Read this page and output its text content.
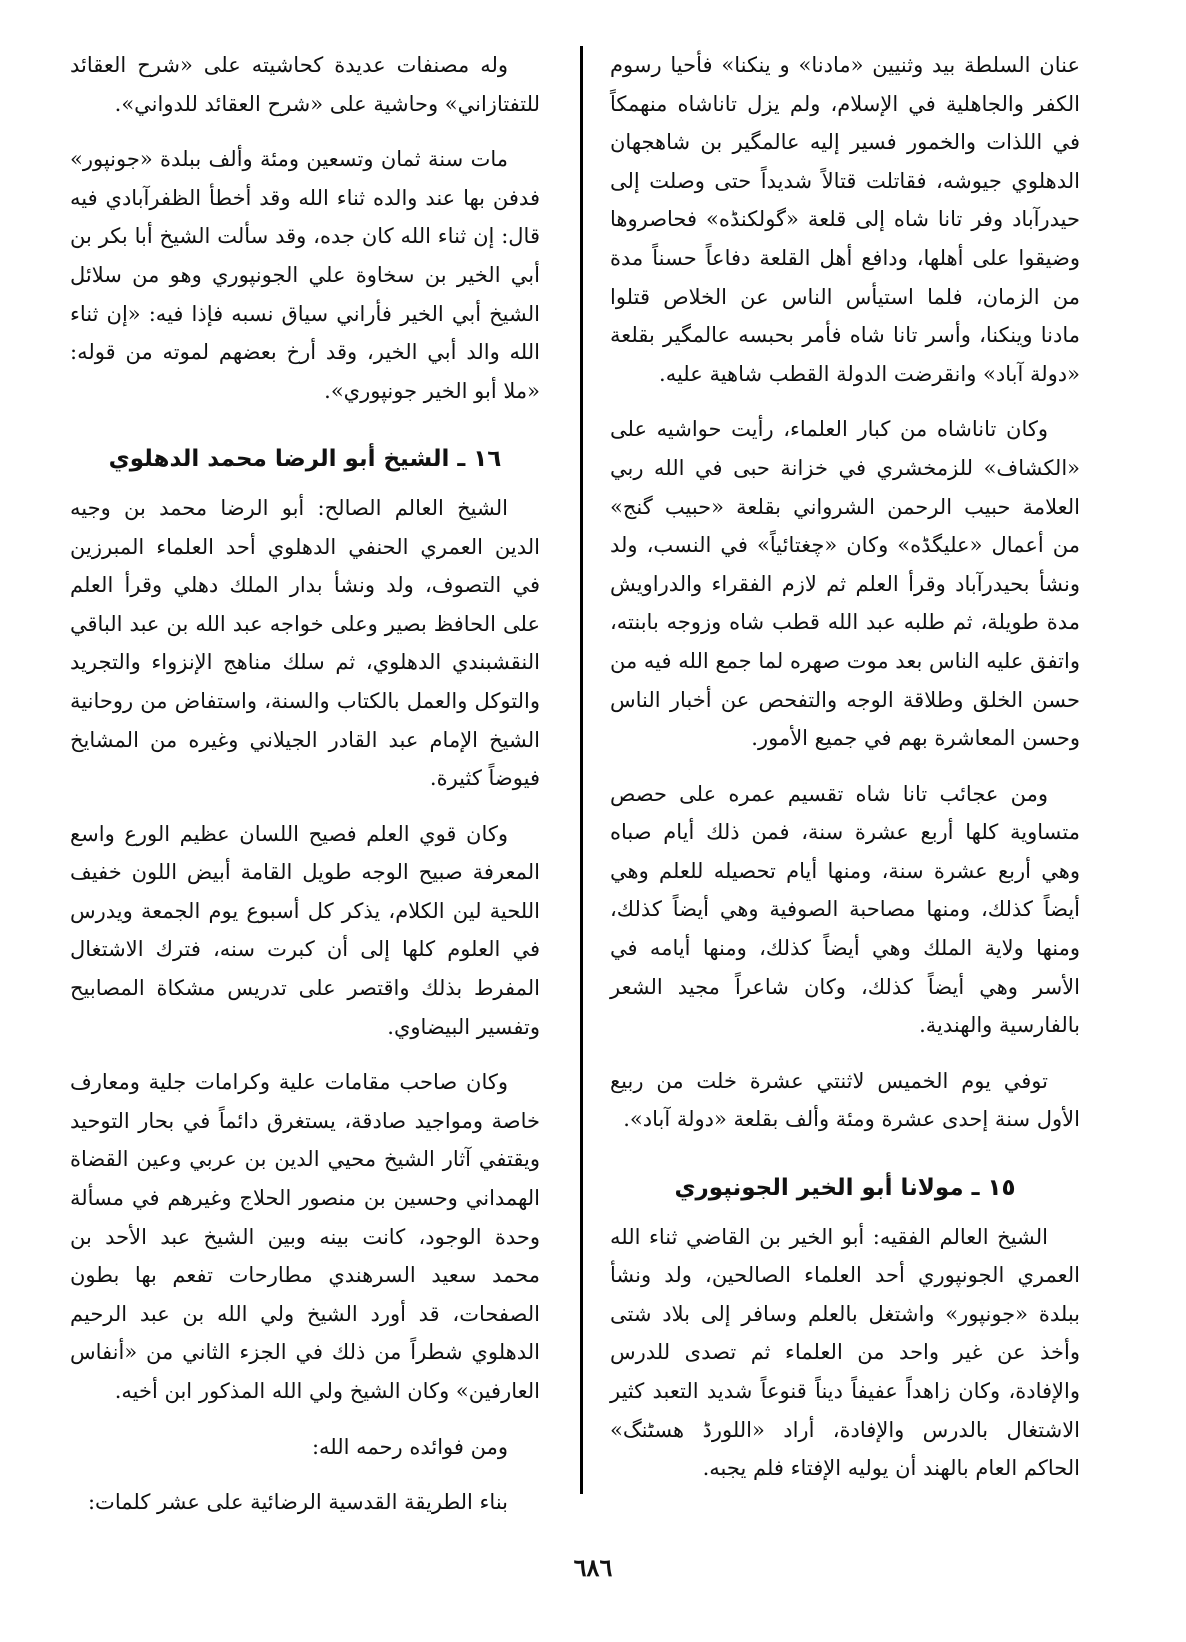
عنان السلطة بيد وثنيين «مادنا» و ينكنا» فأحيا رسوم الكفر والجاهلية في الإسلام، ولم يزل تاناشاه منهمكاً في اللذات والخمور فسير إليه عالمگير بن شاهجهان الدهلوي جيوشه، فقاتلت قتالاً شديداً حتى وصلت إلى حيدرآباد وفر تانا شاه إلى قلعة «گولكنڈه» فحاصروها وضيقوا على أهلها، ودافع أهل القلعة دفاعاً حسناً مدة من الزمان، فلما استيأس الناس عن الخلاص قتلوا مادنا وينكنا، وأسر تانا شاه فأمر بحبسه عالمگير بقلعة «دولة آباد» وانقرضت الدولة القطب شاهية عليه.

وكان تاناشاه من كبار العلماء، رأيت حواشيه على «الكشاف» للزمخشري في خزانة حبى في الله ربي العلامة حبيب الرحمن الشرواني بقلعة «حبيب گنج» من أعمال «عليگڈه» وكان «چغتائياً» في النسب، ولد ونشأ بحيدرآباد وقرأ العلم ثم لازم الفقراء والدراويش مدة طويلة، ثم طلبه عبد الله قطب شاه وزوجه بابنته، واتفق عليه الناس بعد موت صهره لما جمع الله فيه من حسن الخلق وطلاقة الوجه والتفحص عن أخبار الناس وحسن المعاشرة بهم في جميع الأمور.

ومن عجائب تانا شاه تقسيم عمره على حصص متساوية كلها أربع عشرة سنة، فمن ذلك أيام صباه وهي أربع عشرة سنة، ومنها أيام تحصيله للعلم وهي أيضاً كذلك، ومنها مصاحبة الصوفية وهي أيضاً كذلك، ومنها ولاية الملك وهي أيضاً كذلك، ومنها أيامه في الأسر وهي أيضاً كذلك، وكان شاعراً مجيد الشعر بالفارسية والهندية.

توفي يوم الخميس لاثنتي عشرة خلت من ربيع الأول سنة إحدى عشرة ومئة وألف بقلعة «دولة آباد».

١٥ ـ مولانا أبو الخير الجونپوري

الشيخ العالم الفقيه: أبو الخير بن القاضي ثناء الله العمري الجونپوري أحد العلماء الصالحين، ولد ونشأ ببلدة «جونپور» واشتغل بالعلم وسافر إلى بلاد شتى وأخذ عن غير واحد من العلماء ثم تصدى للدرس والإفادة، وكان زاهداً عفيفاً ديناً قنوعاً شديد التعبد كثير الاشتغال بالدرس والإفادة، أراد «اللورڈ هسٹنگ» الحاكم العام بالهند أن يوليه الإفتاء فلم يجبه.

وله مصنفات عديدة كحاشيته على «شرح العقائد للتفتازاني» وحاشية على «شرح العقائد للدواني».

مات سنة ثمان وتسعين ومئة وألف ببلدة «جونپور» فدفن بها عند والده ثناء الله وقد أخطأ الظفرآبادي فيه قال: إن ثناء الله كان جده، وقد سألت الشيخ أبا بكر بن أبي الخير بن سخاوة علي الجونپوري وهو من سلائل الشيخ أبي الخير فأراني سياق نسبه فإذا فيه: «إن ثناء الله والد أبي الخير، وقد أرخ بعضهم لموته من قوله: «ملا أبو الخير جونپوري».

١٦ ـ الشيخ أبو الرضا محمد الدهلوي

الشيخ العالم الصالح: أبو الرضا محمد بن وجيه الدين العمري الحنفي الدهلوي أحد العلماء المبرزين في التصوف، ولد ونشأ بدار الملك دهلي وقرأ العلم على الحافظ بصير وعلى خواجه عبد الله بن عبد الباقي النقشبندي الدهلوي، ثم سلك مناهج الإنزواء والتجريد والتوكل والعمل بالكتاب والسنة، واستفاض من روحانية الشيخ الإمام عبد القادر الجيلاني وغيره من المشايخ فيوضاً كثيرة.

وكان قوي العلم فصيح اللسان عظيم الورع واسع المعرفة صبيح الوجه طويل القامة أبيض اللون خفيف اللحية لين الكلام، يذكر كل أسبوع يوم الجمعة ويدرس في العلوم كلها إلى أن كبرت سنه، فترك الاشتغال المفرط بذلك واقتصر على تدريس مشكاة المصابيح وتفسير البيضاوي.

وكان صاحب مقامات علية وكرامات جلية ومعارف خاصة ومواجيد صادقة، يستغرق دائماً في بحار التوحيد ويقتفي آثار الشيخ محيي الدين بن عربي وعين القضاة الهمداني وحسين بن منصور الحلاج وغيرهم في مسألة وحدة الوجود، كانت بينه وبين الشيخ عبد الأحد بن محمد سعيد السرهندي مطارحات تفعم بها بطون الصفحات، قد أورد الشيخ ولي الله بن عبد الرحيم الدهلوي شطراً من ذلك في الجزء الثاني من «أنفاس العارفين» وكان الشيخ ولي الله المذكور ابن أخيه.

ومن فوائده رحمه الله:

بناء الطريقة القدسية الرضائية على عشر كلمات:

٦٨٦
